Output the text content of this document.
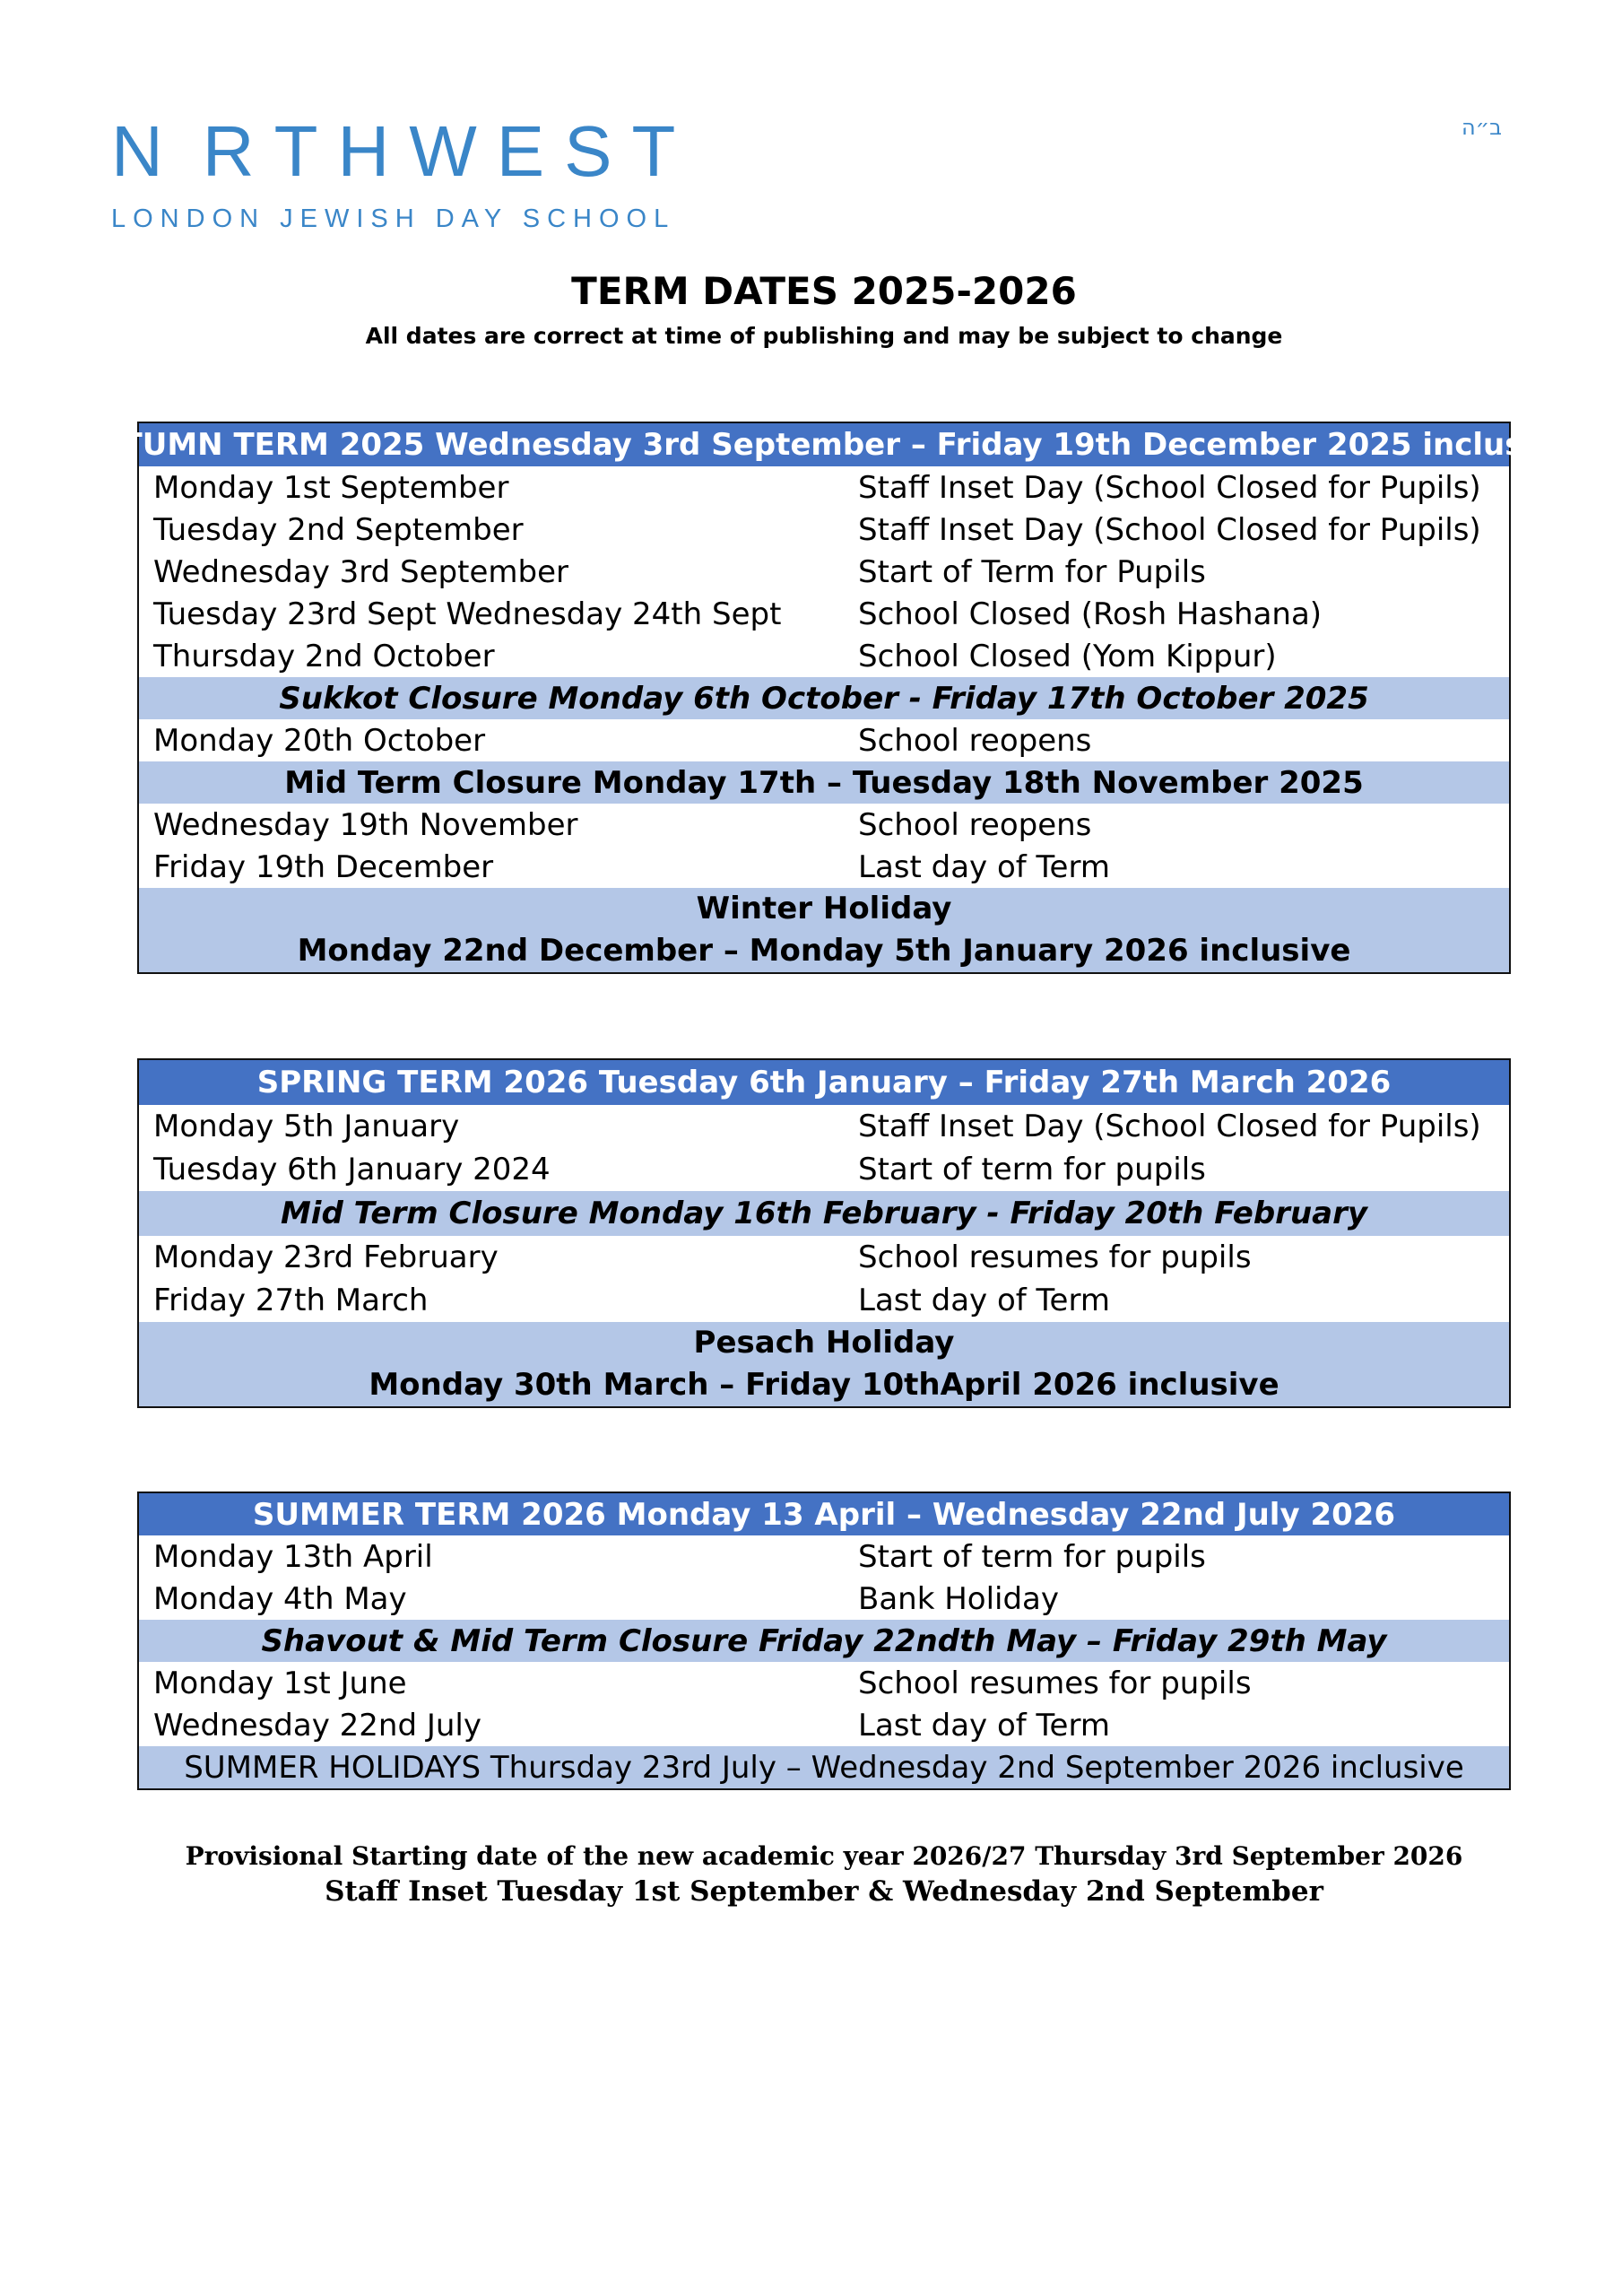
N R T H W E S T
LONDON JEWISH DAY SCHOOL
ב״ה
TERM DATES 2025-2026
All dates are correct at time of publishing and may be subject to change
AUTUMN TERM 2025 Wednesday 3rd September – Friday 19th December 2025 inclusive
Monday 1st September	Staff Inset Day (School Closed for Pupils)
Tuesday 2nd September	Staff Inset Day (School Closed for Pupils)
Wednesday 3rd September	Start of Term for Pupils
Tuesday 23rd Sept Wednesday 24th Sept	School Closed (Rosh Hashana)
Thursday 2nd October	School Closed (Yom Kippur)
Sukkot Closure Monday 6th October - Friday 17th October 2025
Monday 20th October	School reopens
Mid Term Closure Monday 17th – Tuesday 18th November 2025
Wednesday 19th November	School reopens
Friday 19th December	Last day of Term
Winter Holiday
Monday 22nd December – Monday 5th January 2026 inclusive
SPRING TERM 2026 Tuesday 6th January – Friday 27th March 2026
Monday 5th January	Staff Inset Day (School Closed for Pupils)
Tuesday 6th January 2024	Start of term for pupils
Mid Term Closure Monday 16th February - Friday 20th February
Monday 23rd February	School resumes for pupils
Friday 27th March	Last day of Term
Pesach Holiday
Monday 30th March – Friday 10thApril 2026 inclusive
SUMMER TERM 2026 Monday 13 April – Wednesday 22nd July 2026
Monday 13th April	Start of term for pupils
Monday 4th May	Bank Holiday
Shavout & Mid Term Closure Friday 22ndth May – Friday 29th May
Monday 1st June	School resumes for pupils
Wednesday 22nd July	Last day of Term
SUMMER HOLIDAYS Thursday 23rd July – Wednesday 2nd September 2026 inclusive
Provisional Starting date of the new academic year 2026/27 Thursday 3rd September 2026
Staff Inset Tuesday 1st September & Wednesday 2nd September
